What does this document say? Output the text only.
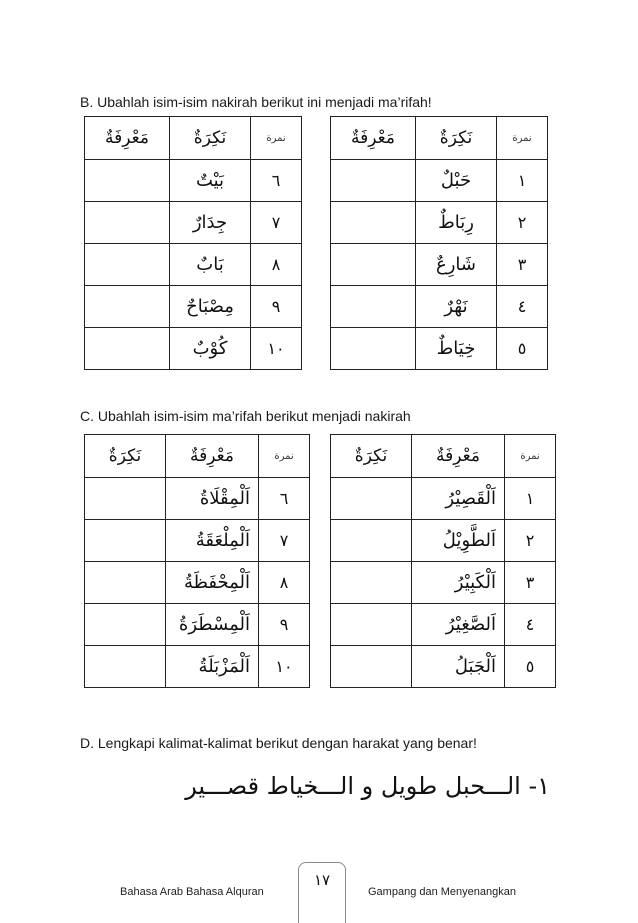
B. Ubahlah isim-isim nakirah berikut ini menjadi ma’rifah!
نمرة	نَكِرَةٌ	مَعْرِفَةٌ
١	حَبْلٌ	
٢	رِبَاطٌ	
٣	شَارِعٌ	
٤	نَهْرٌ	
٥	خِيَاطٌ	
نمرة	نَكِرَةٌ	مَعْرِفَةٌ
٦	بَيْتٌ	
٧	جِدَارٌ	
٨	بَابٌ	
٩	مِصْبَاحٌ	
١٠	كُوْبٌ	
C. Ubahlah isim-isim ma’rifah berikut menjadi nakirah
نمرة	مَعْرِفَةٌ	نَكِرَةٌ
١	اَلْقَصِيْرُ	
٢	اَلطَّوِيْلُ	
٣	اَلْكَبِيْرُ	
٤	اَلصَّغِيْرُ	
٥	اَلْجَبَلُ	
نمرة	مَعْرِفَةٌ	نَكِرَةٌ
٦	اَلْمِقْلَاةُ	
٧	اَلْمِلْعَقَةُ	
٨	اَلْمِحْفَظَةُ	
٩	اَلْمِسْطَرَةُ	
١٠	اَلْمَزْبَلَةُ	
D. Lengkapi kalimat-kalimat berikut dengan harakat yang benar!
١- الـــحبل طويل و الـــخياط قصـــير
Bahasa Arab Bahasa Alquran
١٧
Gampang dan Menyenangkan
